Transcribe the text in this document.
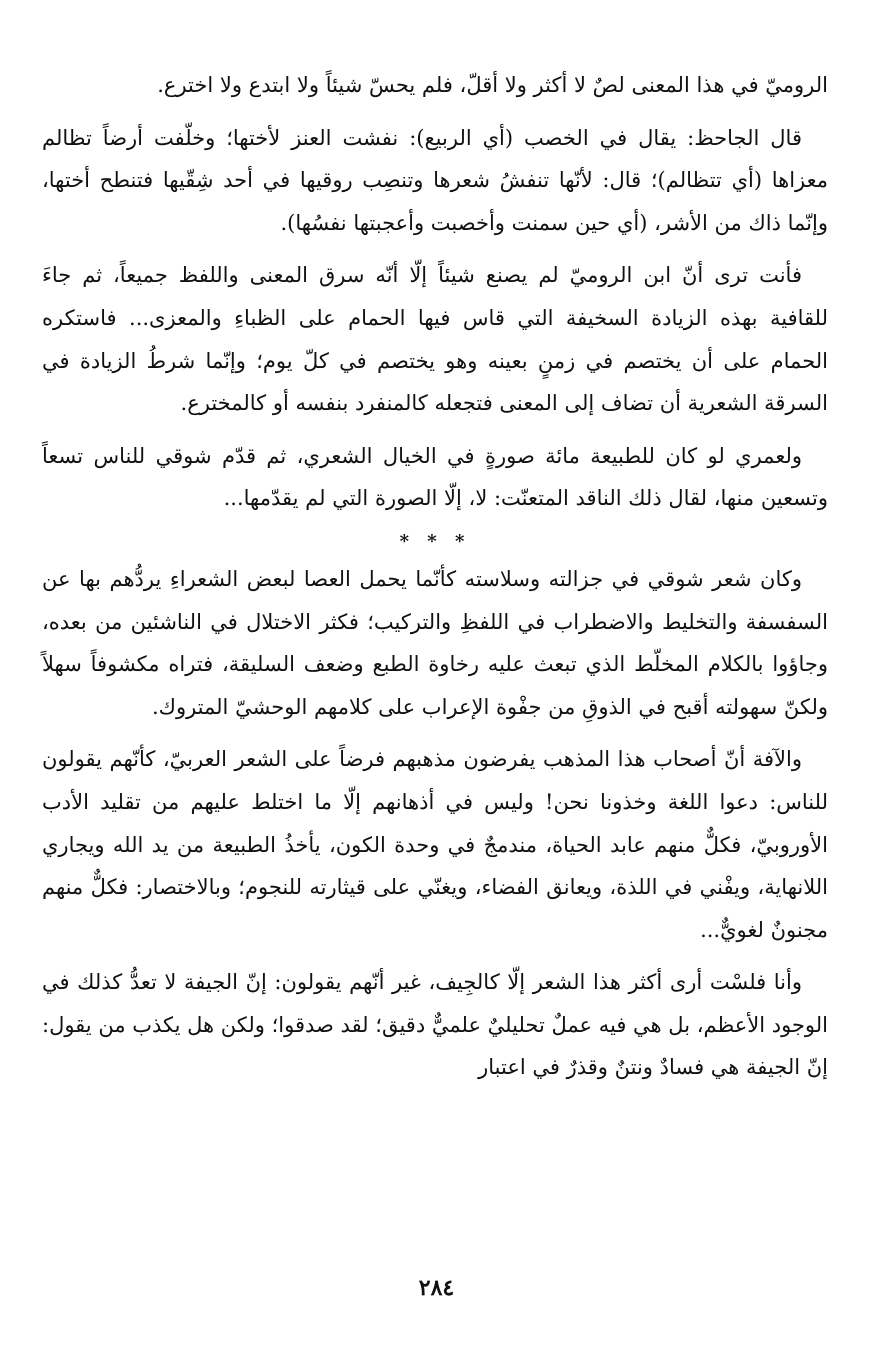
الروميّ في هذا المعنى لصٌ لا أكثر ولا أقلّ، فلم يحسّ شيئاً ولا ابتدع ولا اخترع.

قال الجاحظ: يقال في الخصب (أي الربيع): نفشت العنز لأختها؛ وخلّفت أرضاً تظالم معزاها (أي تتظالم)؛ قال: لأنّها تنفشُ شعرها وتنصِب روقيها في أحد شِقّيها فتنطح أختها، وإنّما ذاك من الأشر، (أي حين سمنت وأخصبت وأعجبتها نفسُها).

فأنت ترى أنّ ابن الروميّ لم يصنع شيئاً إلّا أنّه سرق المعنى واللفظ جميعاً، ثم جاءَ للقافية بهذه الزيادة السخيفة التي قاس فيها الحمام على الظباءِ والمعزى... فاستكره الحمام على أن يختصم في زمنٍ بعينه وهو يختصم في كلّ يوم؛ وإنّما شرطُ الزيادة في السرقة الشعرية أن تضاف إلى المعنى فتجعله كالمنفرد بنفسه أو كالمخترع.

ولعمري لو كان للطبيعة مائة صورةٍ في الخيال الشعري، ثم قدّم شوقي للناس تسعاً وتسعين منها، لقال ذلك الناقد المتعنّت: لا، إلّا الصورة التي لم يقدّمها...

* * *

وكان شعر شوقي في جزالته وسلاسته كأنّما يحمل العصا لبعض الشعراءِ يردُّهم بها عن السفسفة والتخليط والاضطراب في اللفظِ والتركيب؛ فكثر الاختلال في الناشئين من بعده، وجاؤوا بالكلام المخلّط الذي تبعث عليه رخاوة الطبع وضعف السليقة، فتراه مكشوفاً سهلاً ولكنّ سهولته أقبح في الذوقِ من جفْوة الإعراب على كلامهم الوحشيّ المتروك.

والآفة أنّ أصحاب هذا المذهب يفرضون مذهبهم فرضاً على الشعر العربيّ، كأنّهم يقولون للناس: دعوا اللغة وخذونا نحن! وليس في أذهانهم إلّا ما اختلط عليهم من تقليد الأدب الأوروبيّ، فكلٌّ منهم عابد الحياة، مندمجٌ في وحدة الكون، يأخذُ الطبيعة من يد الله ويجاري اللانهاية، ويفْني في اللذة، ويعانق الفضاء، ويغنّي على قيثارته للنجوم؛ وبالاختصار: فكلٌّ منهم مجنونٌ لغويٌّ...

وأنا فلسْت أرى أكثر هذا الشعر إلّا كالجِيف، غير أنّهم يقولون: إنّ الجيفة لا تعدُّ كذلك في الوجود الأعظم، بل هي فيه عملٌ تحليليٌ علميٌّ دقيق؛ لقد صدقوا؛ ولكن هل يكذب من يقول: إنّ الجيفة هي فسادٌ ونتنٌ وقذرٌ في اعتبار

٢٨٤
